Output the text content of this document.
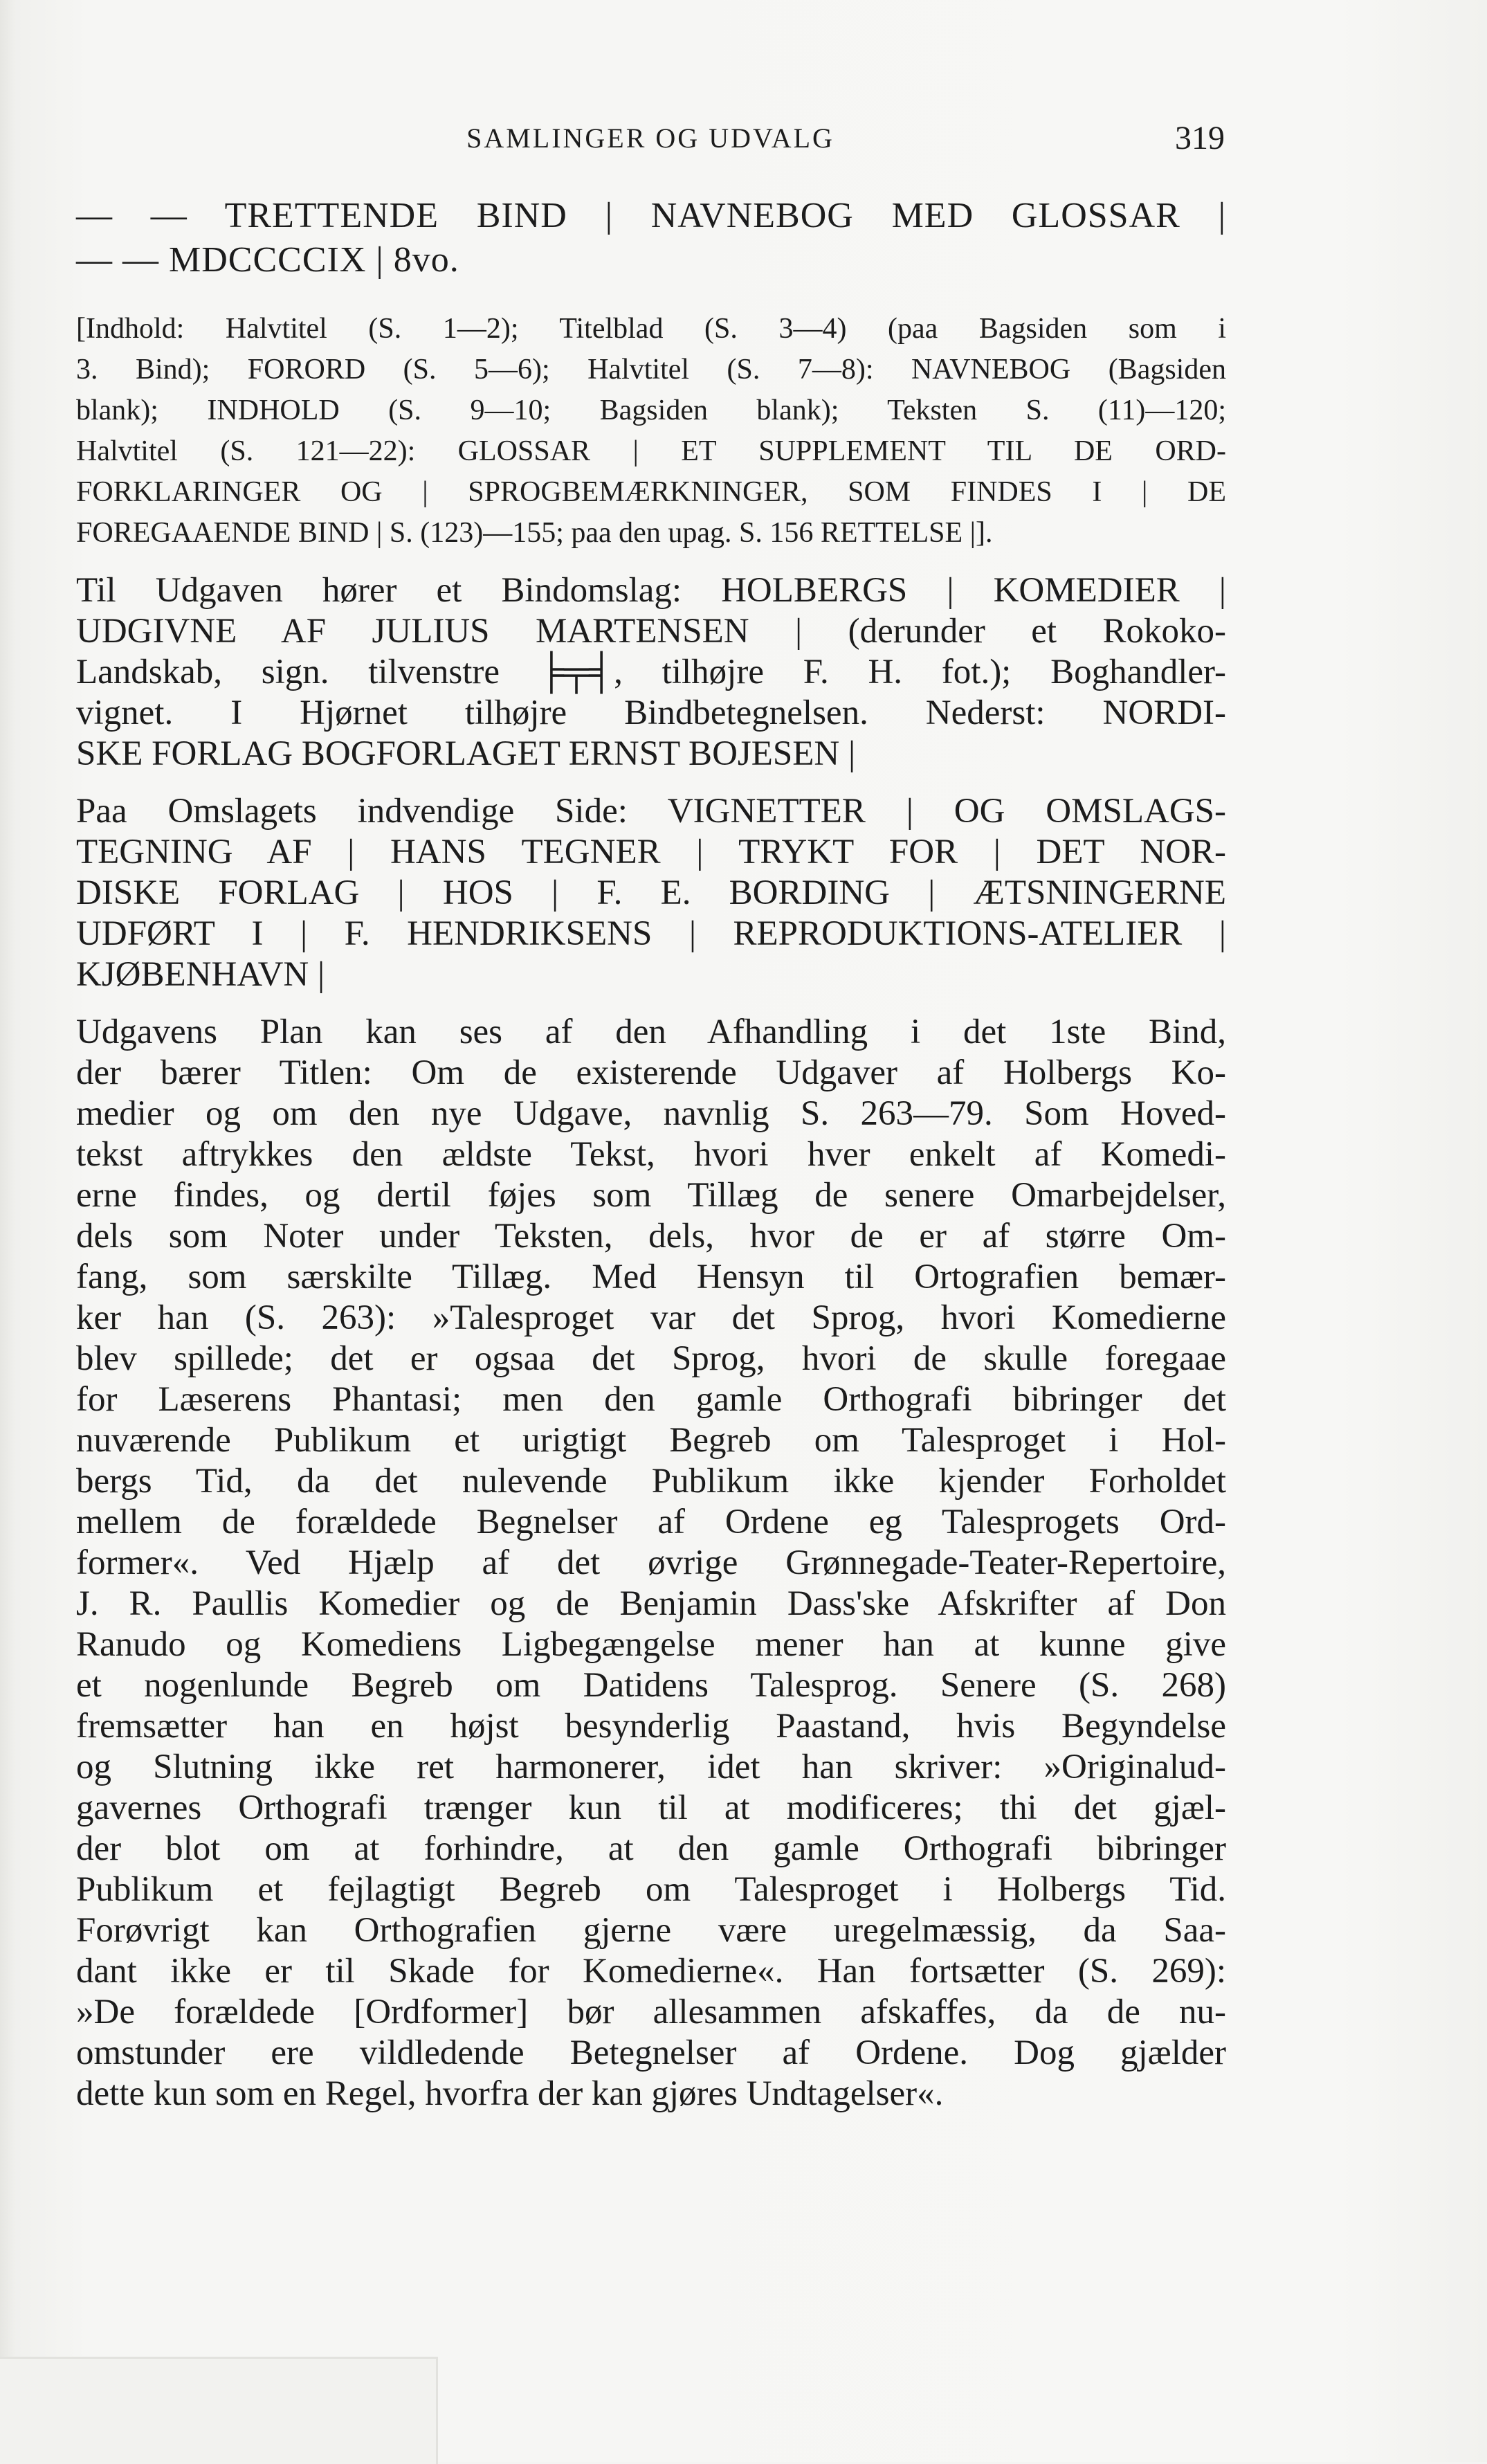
SAMLINGER OG UDVALG	319
— — TRETTENDE BIND | NAVNEBOG MED GLOSSAR |
— — MDCCCCIX | 8vo.
[Indhold: Halvtitel (S. 1—2); Titelblad (S. 3—4) (paa Bagsiden som i
3. Bind); FORORD (S. 5—6); Halvtitel (S. 7—8): NAVNEBOG (Bagsiden
blank); INDHOLD (S. 9—10; Bagsiden blank); Teksten S. (11)—120;
Halvtitel (S. 121—22): GLOSSAR | ET SUPPLEMENT TIL DE ORD-
FORKLARINGER OG | SPROGBEMÆRKNINGER, SOM FINDES I | DE
FOREGAAENDE BIND | S. (123)—155; paa den upag. S. 156 RETTELSE |].
Til Udgaven hører et Bindomslag: HOLBERGS | KOMEDIER |
UDGIVNE AF JULIUS MARTENSEN | (derunder et Rokoko-
Landskab, sign. tilvenstre ╞╤╡, tilhøjre F. H. fot.); Boghandler-
vignet. I Hjørnet tilhøjre Bindbetegnelsen. Nederst: NORDI-
SKE FORLAG BOGFORLAGET ERNST BOJESEN |
Paa Omslagets indvendige Side: VIGNETTER | OG OMSLAGS-
TEGNING AF | HANS TEGNER | TRYKT FOR | DET NOR-
DISKE FORLAG | HOS | F. E. BORDING | ÆTSNINGERNE
UDFØRT I | F. HENDRIKSENS | REPRODUKTIONS-ATELIER |
KJØBENHAVN |
Udgavens Plan kan ses af den Afhandling i det 1ste Bind,
der bærer Titlen: Om de existerende Udgaver af Holbergs Ko-
medier og om den nye Udgave, navnlig S. 263—79. Som Hoved-
tekst aftrykkes den ældste Tekst, hvori hver enkelt af Komedi-
erne findes, og dertil føjes som Tillæg de senere Omarbejdelser,
dels som Noter under Teksten, dels, hvor de er af større Om-
fang, som særskilte Tillæg. Med Hensyn til Ortografien bemær-
ker han (S. 263): »Talesproget var det Sprog, hvori Komedierne
blev spillede; det er ogsaa det Sprog, hvori de skulle foregaae
for Læserens Phantasi; men den gamle Orthografi bibringer det
nuværende Publikum et urigtigt Begreb om Talesproget i Hol-
bergs Tid, da det nulevende Publikum ikke kjender Forholdet
mellem de forældede Begnelser af Ordene eg Talesprogets Ord-
former«. Ved Hjælp af det øvrige Grønnegade-Teater-Repertoire,
J. R. Paullis Komedier og de Benjamin Dass'ske Afskrifter af Don
Ranudo og Komediens Ligbegængelse mener han at kunne give
et nogenlunde Begreb om Datidens Talesprog. Senere (S. 268)
fremsætter han en højst besynderlig Paastand, hvis Begyndelse
og Slutning ikke ret harmonerer, idet han skriver: »Originalud-
gavernes Orthografi trænger kun til at modificeres; thi det gjæl-
der blot om at forhindre, at den gamle Orthografi bibringer
Publikum et fejlagtigt Begreb om Talesproget i Holbergs Tid.
Forøvrigt kan Orthografien gjerne være uregelmæssig, da Saa-
dant ikke er til Skade for Komedierne«. Han fortsætter (S. 269):
»De forældede [Ordformer] bør allesammen afskaffes, da de nu-
omstunder ere vildledende Betegnelser af Ordene. Dog gjælder
dette kun som en Regel, hvorfra der kan gjøres Undtagelser«.
